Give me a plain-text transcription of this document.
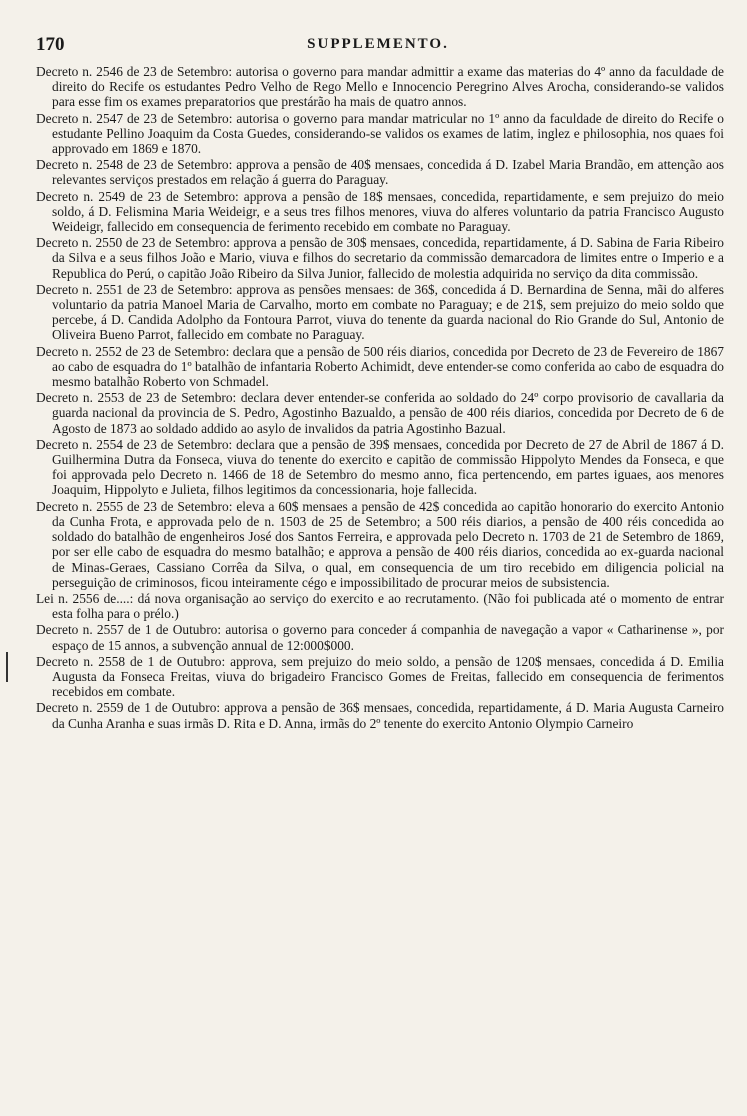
170	SUPPLEMENTO.

Decreto n. 2546 de 23 de Setembro: autorisa o governo para mandar admittir a exame das materias do 4º anno da faculdade de direito do Recife os estudantes Pedro Velho de Rego Mello e Innocencio Peregrino Alves Arocha, considerando-se validos para esse fim os exames preparatorios que prestárão ha mais de quatro annos.

Decreto n. 2547 de 23 de Setembro: autorisa o governo para mandar matricular no 1º anno da faculdade de direito do Recife o estudante Pellino Joaquim da Costa Guedes, considerando-se validos os exames de latim, inglez e philosophia, nos quaes foi approvado em 1869 e 1870.

Decreto n. 2548 de 23 de Setembro: approva a pensão de 40$ mensaes, concedida á D. Izabel Maria Brandão, em attenção aos relevantes serviços prestados em relação á guerra do Paraguay.

Decreto n. 2549 de 23 de Setembro: approva a pensão de 18$ mensaes, concedida, repartidamente, e sem prejuizo do meio soldo, á D. Felismina Maria Weideigr, e a seus tres filhos menores, viuva do alferes voluntario da patria Francisco Augusto Weideigr, fallecido em consequencia de ferimento recebido em combate no Paraguay.

Decreto n. 2550 de 23 de Setembro: approva a pensão de 30$ mensaes, concedida, repartidamente, á D. Sabina de Faria Ribeiro da Silva e a seus filhos João e Mario, viuva e filhos do secretario da commissão demarcadora de limites entre o Imperio e a Republica do Perú, o capitão João Ribeiro da Silva Junior, fallecido de molestia adquirida no serviço da dita commissão.

Decreto n. 2551 de 23 de Setembro: approva as pensões mensaes: de 36$, concedida á D. Bernardina de Senna, mãi do alferes voluntario da patria Manoel Maria de Carvalho, morto em combate no Paraguay; e de 21$, sem prejuizo do meio soldo que percebe, á D. Candida Adolpho da Fontoura Parrot, viuva do tenente da guarda nacional do Rio Grande do Sul, Antonio de Oliveira Bueno Parrot, fallecido em combate no Paraguay.

Decreto n. 2552 de 23 de Setembro: declara que a pensão de 500 réis diarios, concedida por Decreto de 23 de Fevereiro de 1867 ao cabo de esquadra do 1º batalhão de infantaria Roberto Achimidt, deve entender-se como conferida ao cabo de esquadra do mesmo batalhão Roberto von Schmadel.

Decreto n. 2553 de 23 de Setembro: declara dever entender-se conferida ao soldado do 24º corpo provisorio de cavallaria da guarda nacional da provincia de S. Pedro, Agostinho Bazualdo, a pensão de 400 réis diarios, concedida por Decreto de 6 de Agosto de 1873 ao soldado addido ao asylo de invalidos da patria Agostinho Bazual.

Decreto n. 2554 de 23 de Setembro: declara que a pensão de 39$ mensaes, concedida por Decreto de 27 de Abril de 1867 á D. Guilhermina Dutra da Fonseca, viuva do tenente do exercito e capitão de commissão Hippolyto Mendes da Fonseca, e que foi approvada pelo Decreto n. 1466 de 18 de Setembro do mesmo anno, fica pertencendo, em partes iguaes, aos menores Joaquim, Hippolyto e Julieta, filhos legitimos da concessionaria, hoje fallecida.

Decreto n. 2555 de 23 de Setembro: eleva a 60$ mensaes a pensão de 42$ concedida ao capitão honorario do exercito Antonio da Cunha Frota, e approvada pelo de n. 1503 de 25 de Setembro; a 500 réis diarios, a pensão de 400 réis concedida ao soldado do batalhão de engenheiros José dos Santos Ferreira, e approvada pelo Decreto n. 1703 de 21 de Setembro de 1869, por ser elle cabo de esquadra do mesmo batalhão; e approva a pensão de 400 réis diarios, concedida ao ex-guarda nacional de Minas-Geraes, Cassiano Corrêa da Silva, o qual, em consequencia de um tiro recebido em diligencia policial na perseguição de criminosos, ficou inteiramente cégo e impossibilitado de procurar meios de subsistencia.

Lei n. 2556 de....: dá nova organisação ao serviço do exercito e ao recrutamento. (Não foi publicada até o momento de entrar esta folha para o prélo.)

Decreto n. 2557 de 1 de Outubro: autorisa o governo para conceder á companhia de navegação a vapor « Catharinense », por espaço de 15 annos, a subvenção annual de 12:000$000.

Decreto n. 2558 de 1 de Outubro: approva, sem prejuizo do meio soldo, a pensão de 120$ mensaes, concedida á D. Emilia Augusta da Fonseca Freitas, viuva do brigadeiro Francisco Gomes de Freitas, fallecido em consequencia de ferimentos recebidos em combate.

Decreto n. 2559 de 1 de Outubro: approva a pensão de 36$ mensaes, concedida, repartidamente, á D. Maria Augusta Carneiro da Cunha Aranha e suas irmãs D. Rita e D. Anna, irmãs do 2º tenente do exercito Antonio Olympio Carneiro
